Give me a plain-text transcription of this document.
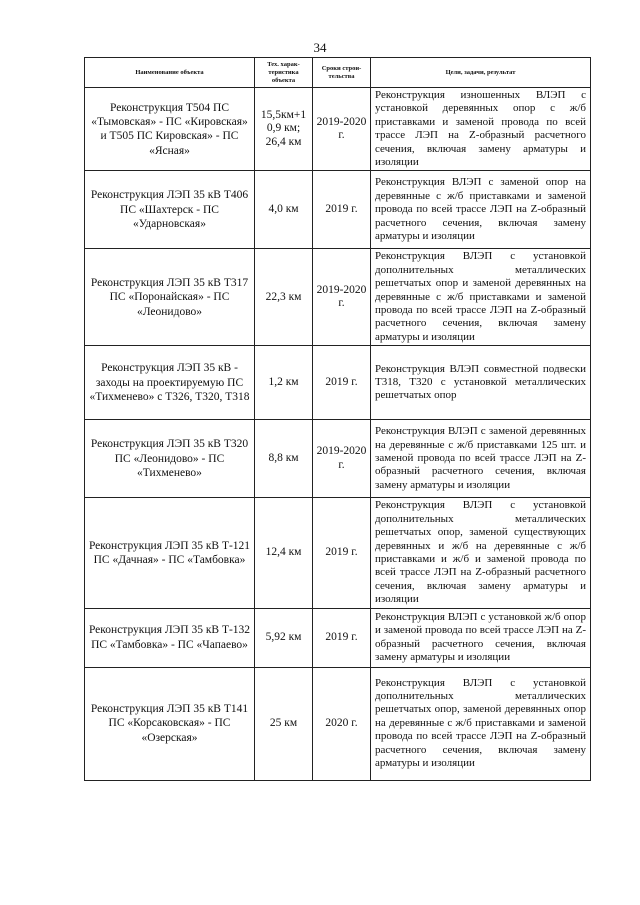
34
Наименование объекта	Тех. харак-теристика объекта	Сроки строи-тельства	Цели, задачи, результат
Реконструкция Т504 ПС «Тымовская» - ПС «Кировская» и Т505 ПС Кировская» - ПС «Ясная»	15,5км+1 0,9 км; 26,4 км	2019-2020 г.	Реконструкция изношенных ВЛЭП с установкой деревянных опор с ж/б приставками и заменой провода по всей трассе ЛЭП на Z-образный расчетного сечения, включая замену арматуры и изоляции
Реконструкция ЛЭП 35 кВ Т406 ПС «Шахтерск - ПС «Ударновская»	4,0 км	2019 г.	Реконструкция ВЛЭП с заменой опор на деревянные с ж/б приставками и заменой провода по всей трассе ЛЭП на Z-образный расчетного сечения, включая замену арматуры и изоляции
Реконструкция ЛЭП 35 кВ Т317 ПС «Поронайская» - ПС «Леонидово»	22,3 км	2019-2020 г.	Реконструкция ВЛЭП с установкой дополнительных металлических решетчатых опор и заменой деревянных на деревянные с ж/б приставками и заменой провода по всей трассе ЛЭП на Z-образный расчетного сечения, включая замену арматуры и изоляции
Реконструкция ЛЭП 35 кВ - заходы на проектируемую ПС «Тихменево» с Т326, Т320, Т318	1,2 км	2019 г.	Реконструкция ВЛЭП совместной подвески Т318, Т320 с установкой металлических решетчатых опор
Реконструкция ЛЭП 35 кВ Т320 ПС «Леонидово» - ПС «Тихменево»	8,8 км	2019-2020 г.	Реконструкция ВЛЭП с заменой деревянных на деревянные с ж/б приставками 125 шт. и заменой провода по всей трассе ЛЭП на Z-образный расчетного сечения, включая замену арматуры и изоляции
Реконструкция ЛЭП 35 кВ Т-121 ПС «Дачная» - ПС «Тамбовка»	12,4 км	2019 г.	Реконструкция ВЛЭП с установкой дополнительных металлических решетчатых опор, заменой существующих деревянных и ж/б на деревянные с ж/б приставками и ж/б и заменой провода по всей трассе ЛЭП на Z-образный расчетного сечения, включая замену арматуры и изоляции
Реконструкция ЛЭП 35 кВ Т-132 ПС «Тамбовка» - ПС «Чапаево»	5,92 км	2019 г.	Реконструкция ВЛЭП с установкой ж/б опор и заменой провода по всей трассе ЛЭП на Z-образный расчетного сечения, включая замену арматуры и изоляции
Реконструкция ЛЭП 35 кВ Т141 ПС «Корсаковская» - ПС «Озерская»	25 км	2020 г.	Реконструкция ВЛЭП с установкой дополнительных металлических решетчатых опор, заменой деревянных опор на деревянные с ж/б приставками и заменой провода по всей трассе ЛЭП на Z-образный расчетного сечения, включая замену арматуры и изоляции
